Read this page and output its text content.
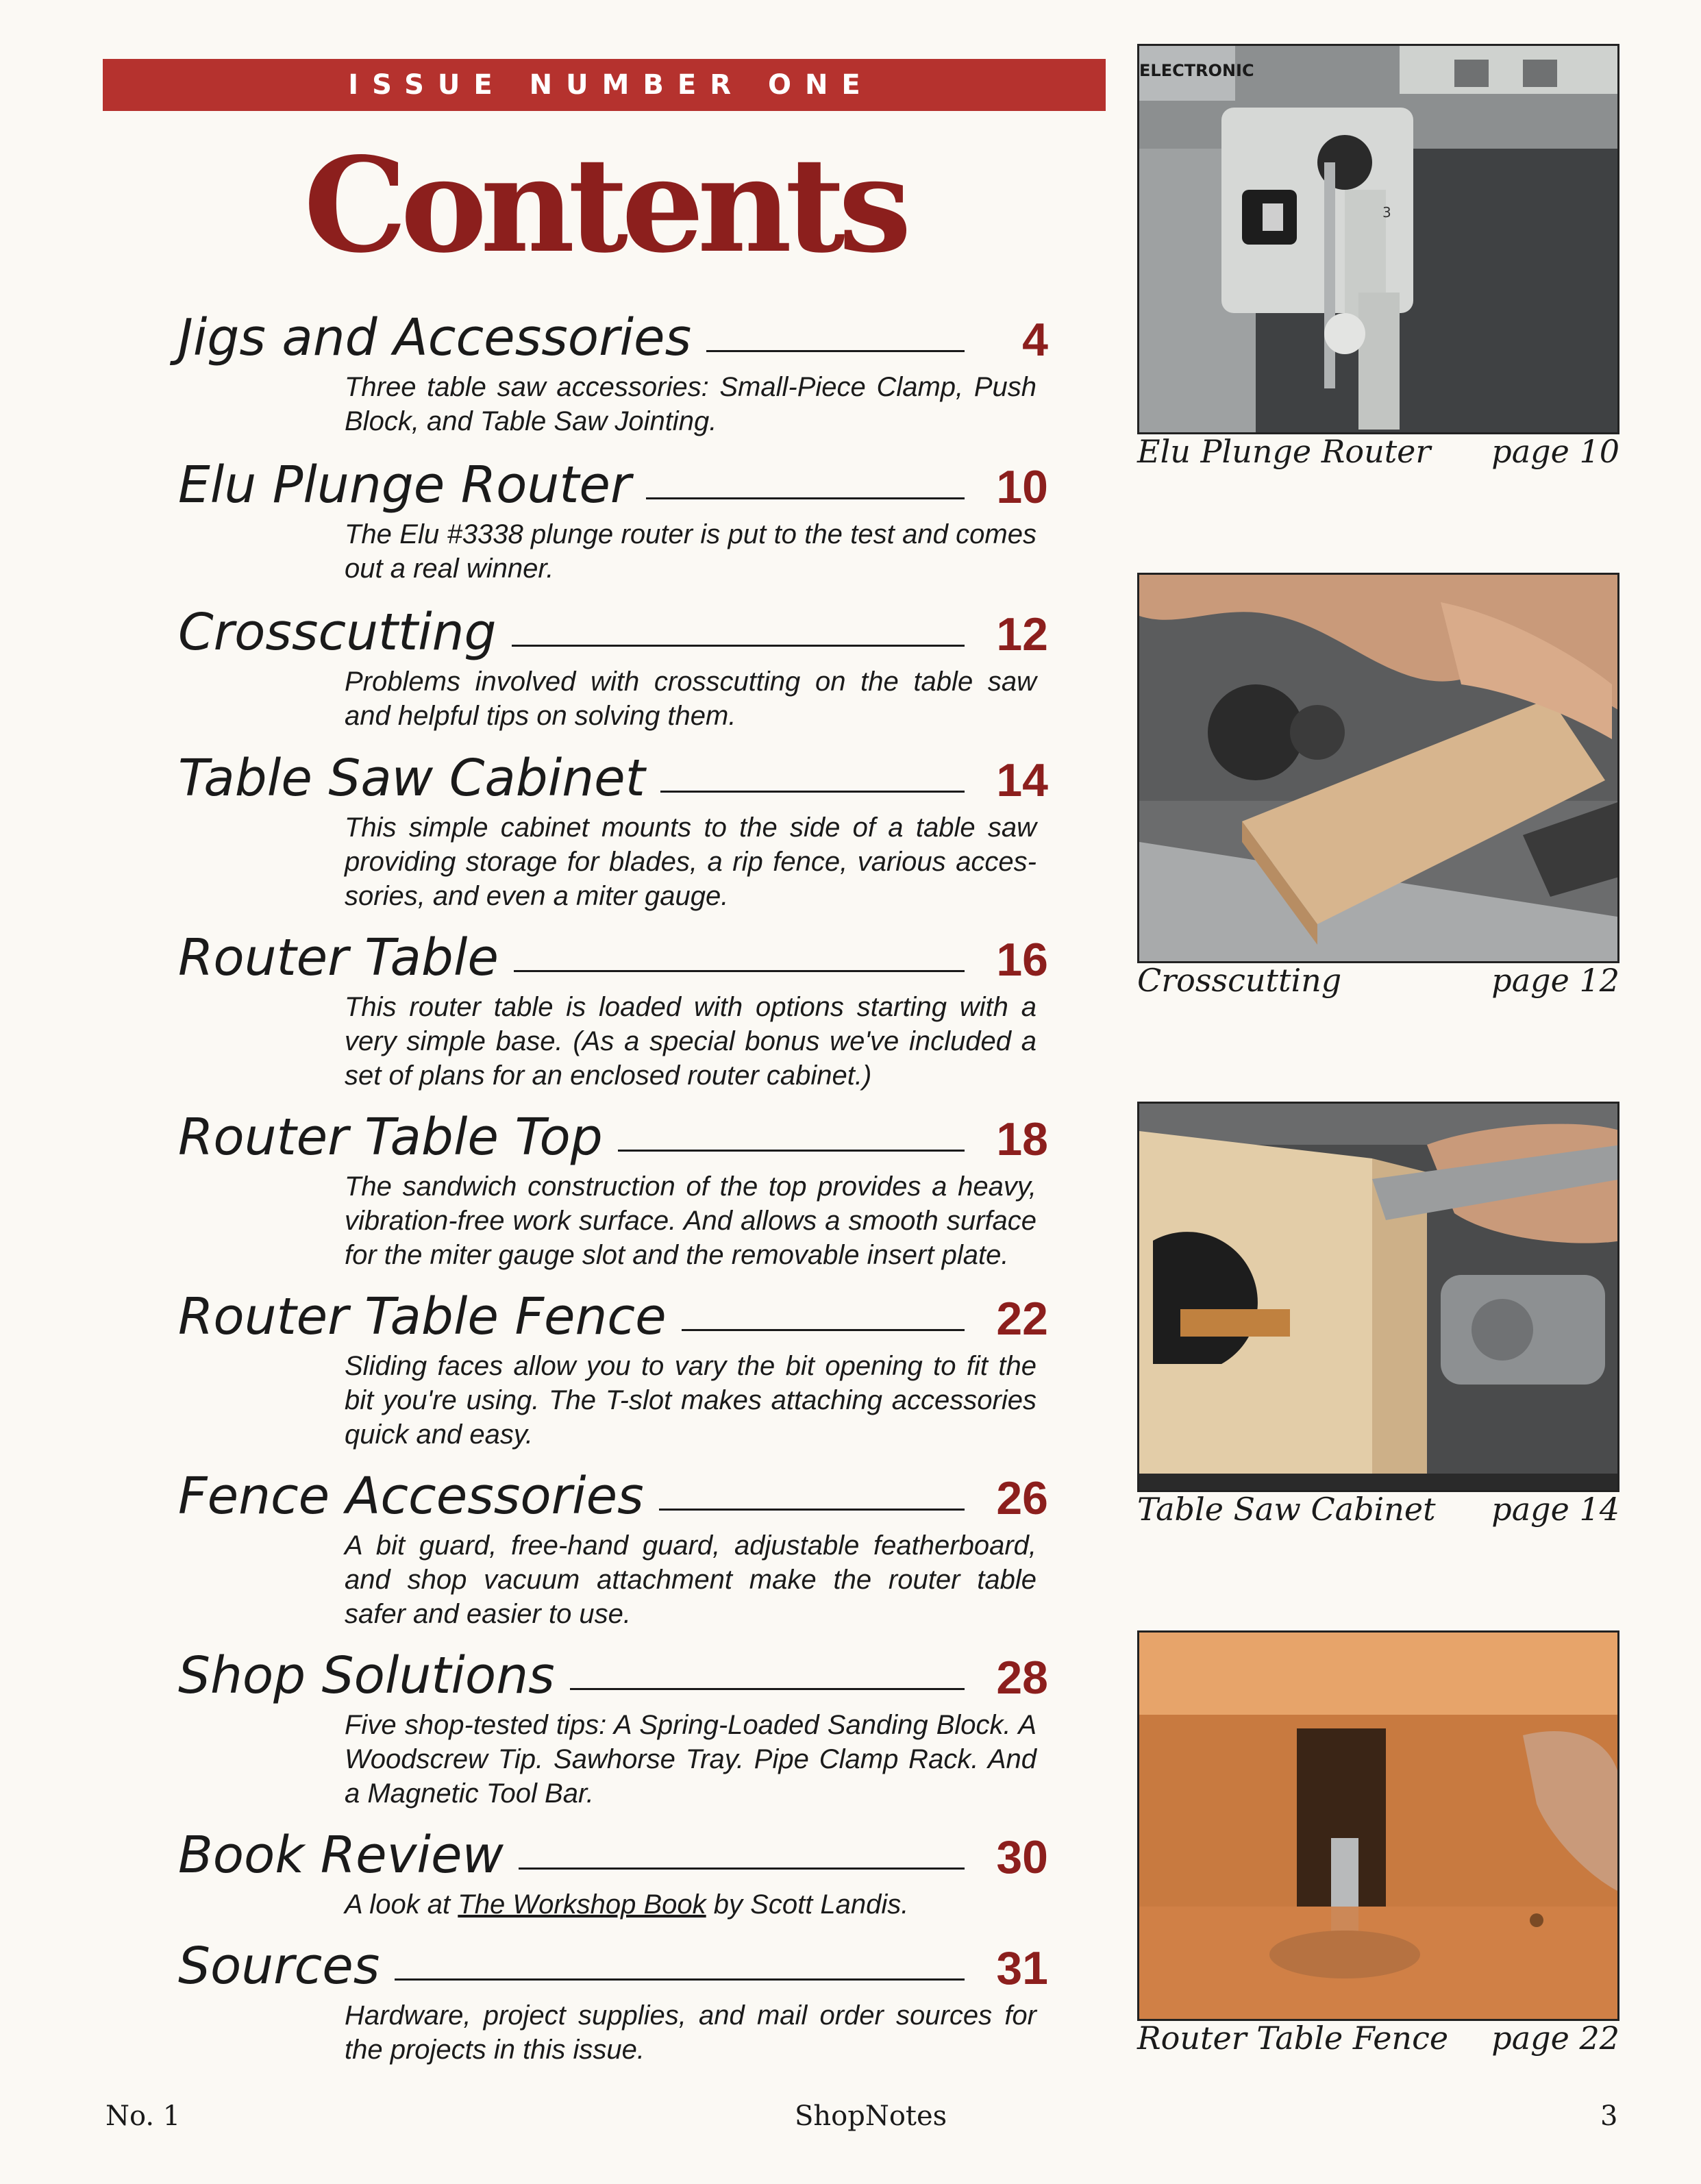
ISSUE NUMBER ONE
Contents
Jigs and Accessories	4
Three table saw accessories: Small-Piece Clamp, Push Block, and Table Saw Jointing.
Elu Plunge Router	10
The Elu #3338 plunge router is put to the test and comes out a real winner.
Crosscutting	12
Problems involved with crosscutting on the table saw and helpful tips on solving them.
Table Saw Cabinet	14
This simple cabinet mounts to the side of a table saw providing storage for blades, a rip fence, various acces-sories, and even a miter gauge.
Router Table	16
This router table is loaded with options starting with a very simple base. (As a special bonus we've included a set of plans for an enclosed router cabinet.)
Router Table Top	18
The sandwich construction of the top provides a heavy, vibration-free work surface. And allows a smooth surface for the miter gauge slot and the removable insert plate.
Router Table Fence	22
Sliding faces allow you to vary the bit opening to fit the bit you're using. The T-slot makes attaching accessories quick and easy.
Fence Accessories	26
A bit guard, free-hand guard, adjustable featherboard, and shop vacuum attachment make the router table safer and easier to use.
Shop Solutions	28
Five shop-tested tips: A Spring-Loaded Sanding Block. A Woodscrew Tip. Sawhorse Tray. Pipe Clamp Rack. And a Magnetic Tool Bar.
Book Review	30
A look at The Workshop Book by Scott Landis.
Sources	31
Hardware, project supplies, and mail order sources for the projects in this issue.
ELECTRONIC
3
Elu Plunge Router page 10
Crosscutting	page 12
Table Saw Cabinet page 14
Router Table Fence page 22
No. 1	ShopNotes	3
